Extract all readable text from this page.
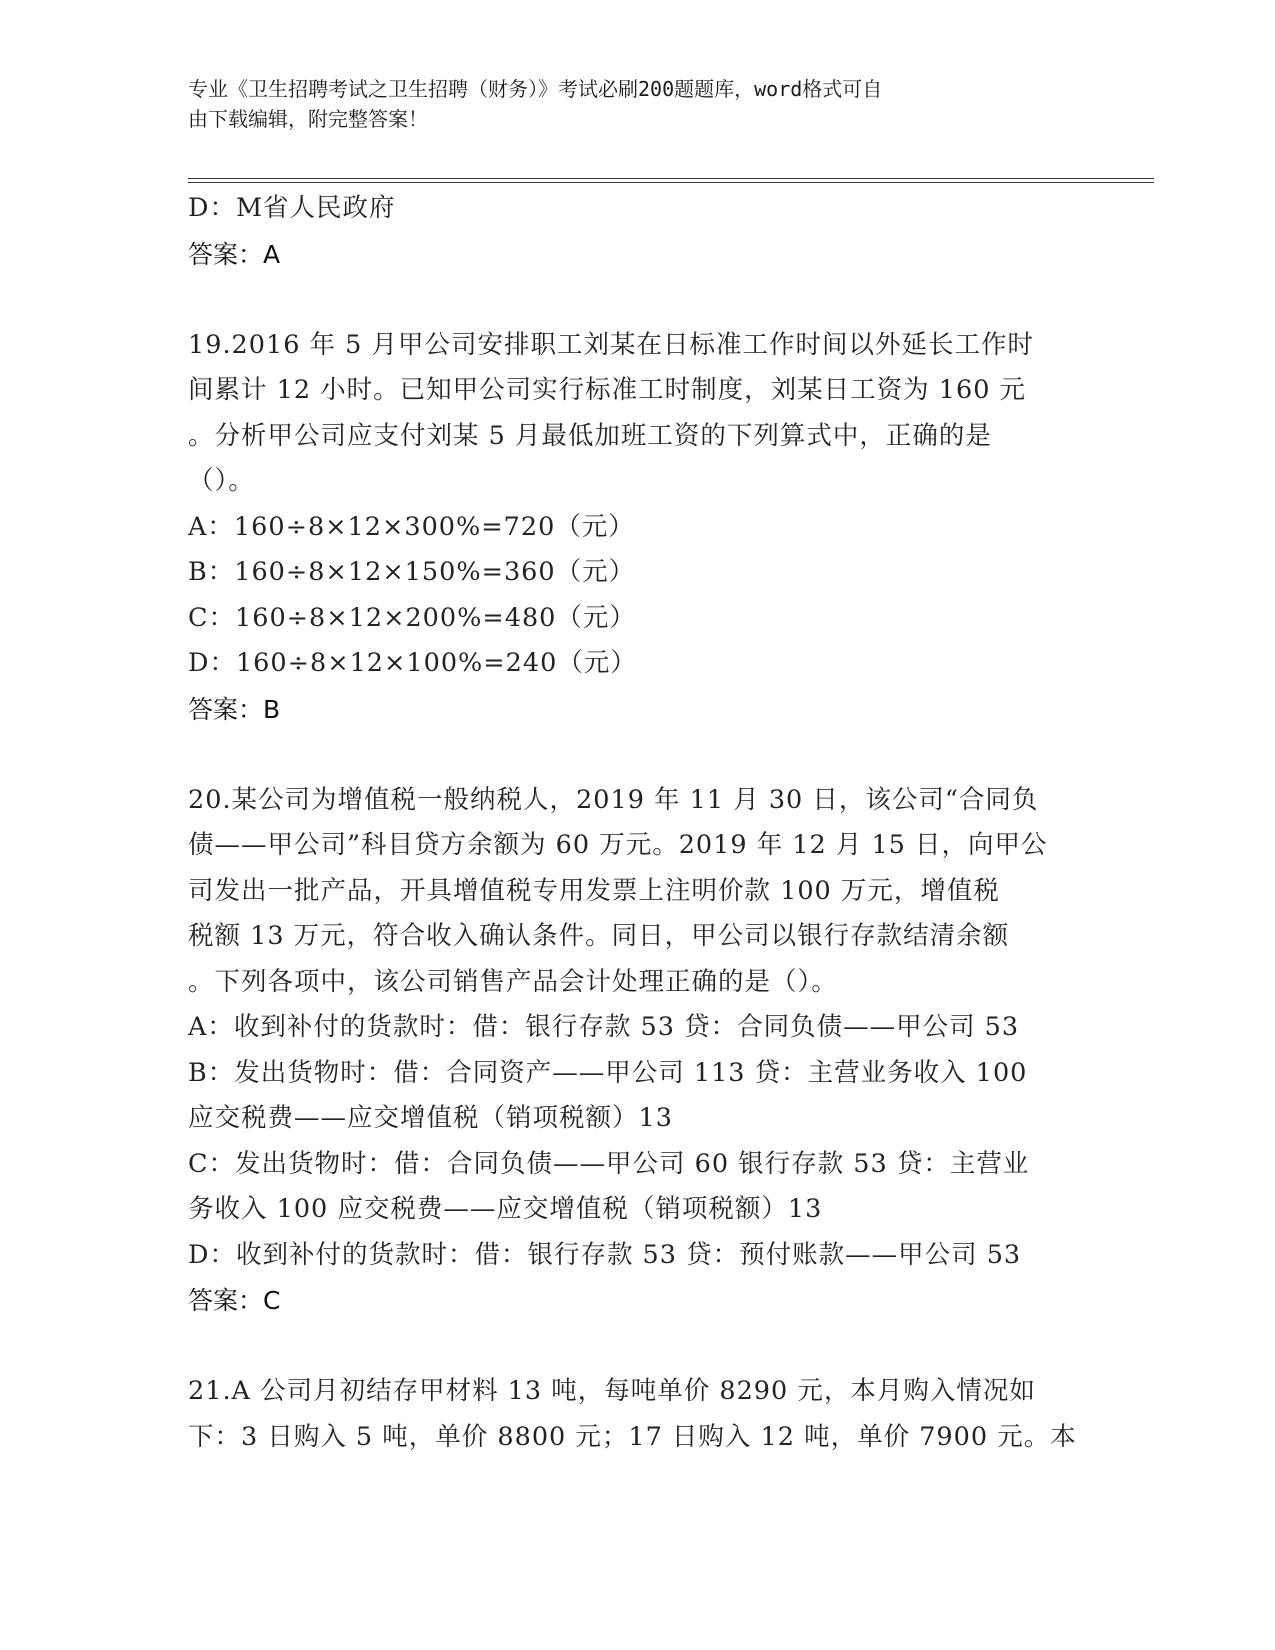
专业《卫生招聘考试之卫生招聘（财务）》考试必刷200题题库，word格式可自
由下载编辑，附完整答案！
D：M省人民政府
答案：A
19.2016 年 5 月甲公司安排职工刘某在日标准工作时间以外延长工作时
间累计 12 小时。已知甲公司实行标准工时制度，刘某日工资为 160 元
。分析甲公司应支付刘某 5 月最低加班工资的下列算式中，正确的是
（）。
A：160÷8×12×300%=720（元）
B：160÷8×12×150%=360（元）
C：160÷8×12×200%=480（元）
D：160÷8×12×100%=240（元）
答案：B
20.某公司为增值税一般纳税人，2019 年 11 月 30 日，该公司“合同负
债——甲公司”科目贷方余额为 60 万元。2019 年 12 月 15 日，向甲公
司发出一批产品，开具增值税专用发票上注明价款 100 万元，增值税
税额 13 万元，符合收入确认条件。同日，甲公司以银行存款结清余额
。下列各项中，该公司销售产品会计处理正确的是（）。
A：收到补付的货款时：借：银行存款 53 贷：合同负债——甲公司 53
B：发出货物时：借：合同资产——甲公司 113 贷：主营业务收入 100
应交税费——应交增值税（销项税额）13
C：发出货物时：借：合同负债——甲公司 60 银行存款 53 贷：主营业
务收入 100 应交税费——应交增值税（销项税额）13
D：收到补付的货款时：借：银行存款 53 贷：预付账款——甲公司 53
答案：C
21.A 公司月初结存甲材料 13 吨，每吨单价 8290 元，本月购入情况如
下：3 日购入 5 吨，单价 8800 元；17 日购入 12 吨，单价 7900 元。本
